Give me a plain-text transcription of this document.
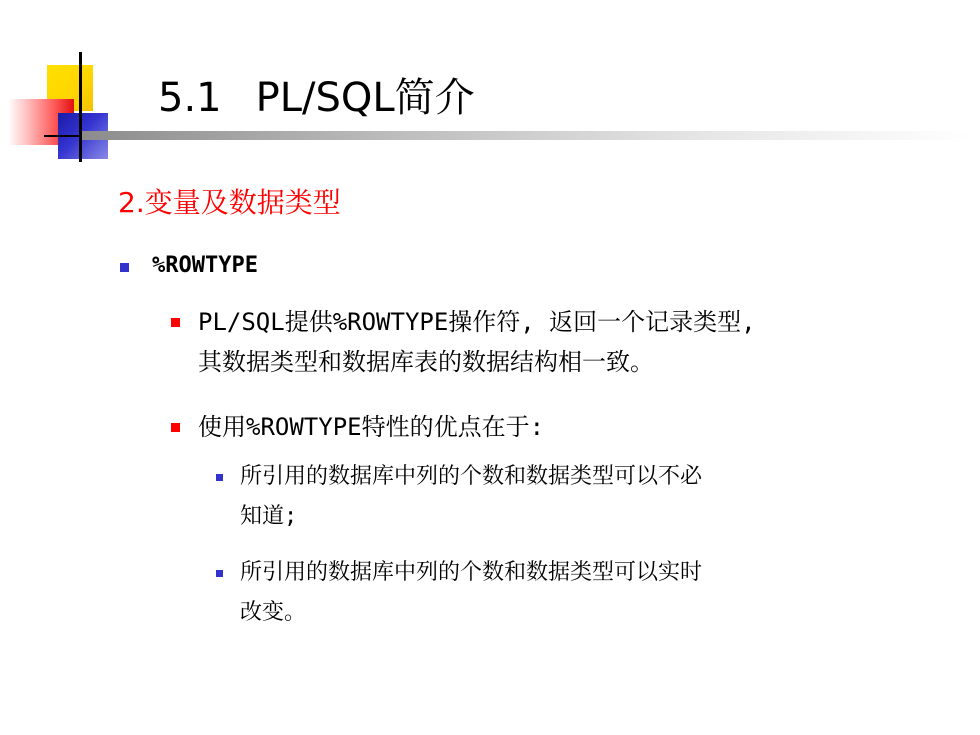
5.1 PL/SQL简介
2.变量及数据类型
%ROWTYPE
PL/SQL提供%ROWTYPE操作符, 返回一个记录类型,
其数据类型和数据库表的数据结构相一致。
使用%ROWTYPE特性的优点在于:
所引用的数据库中列的个数和数据类型可以不必
知道;
所引用的数据库中列的个数和数据类型可以实时
改变。
